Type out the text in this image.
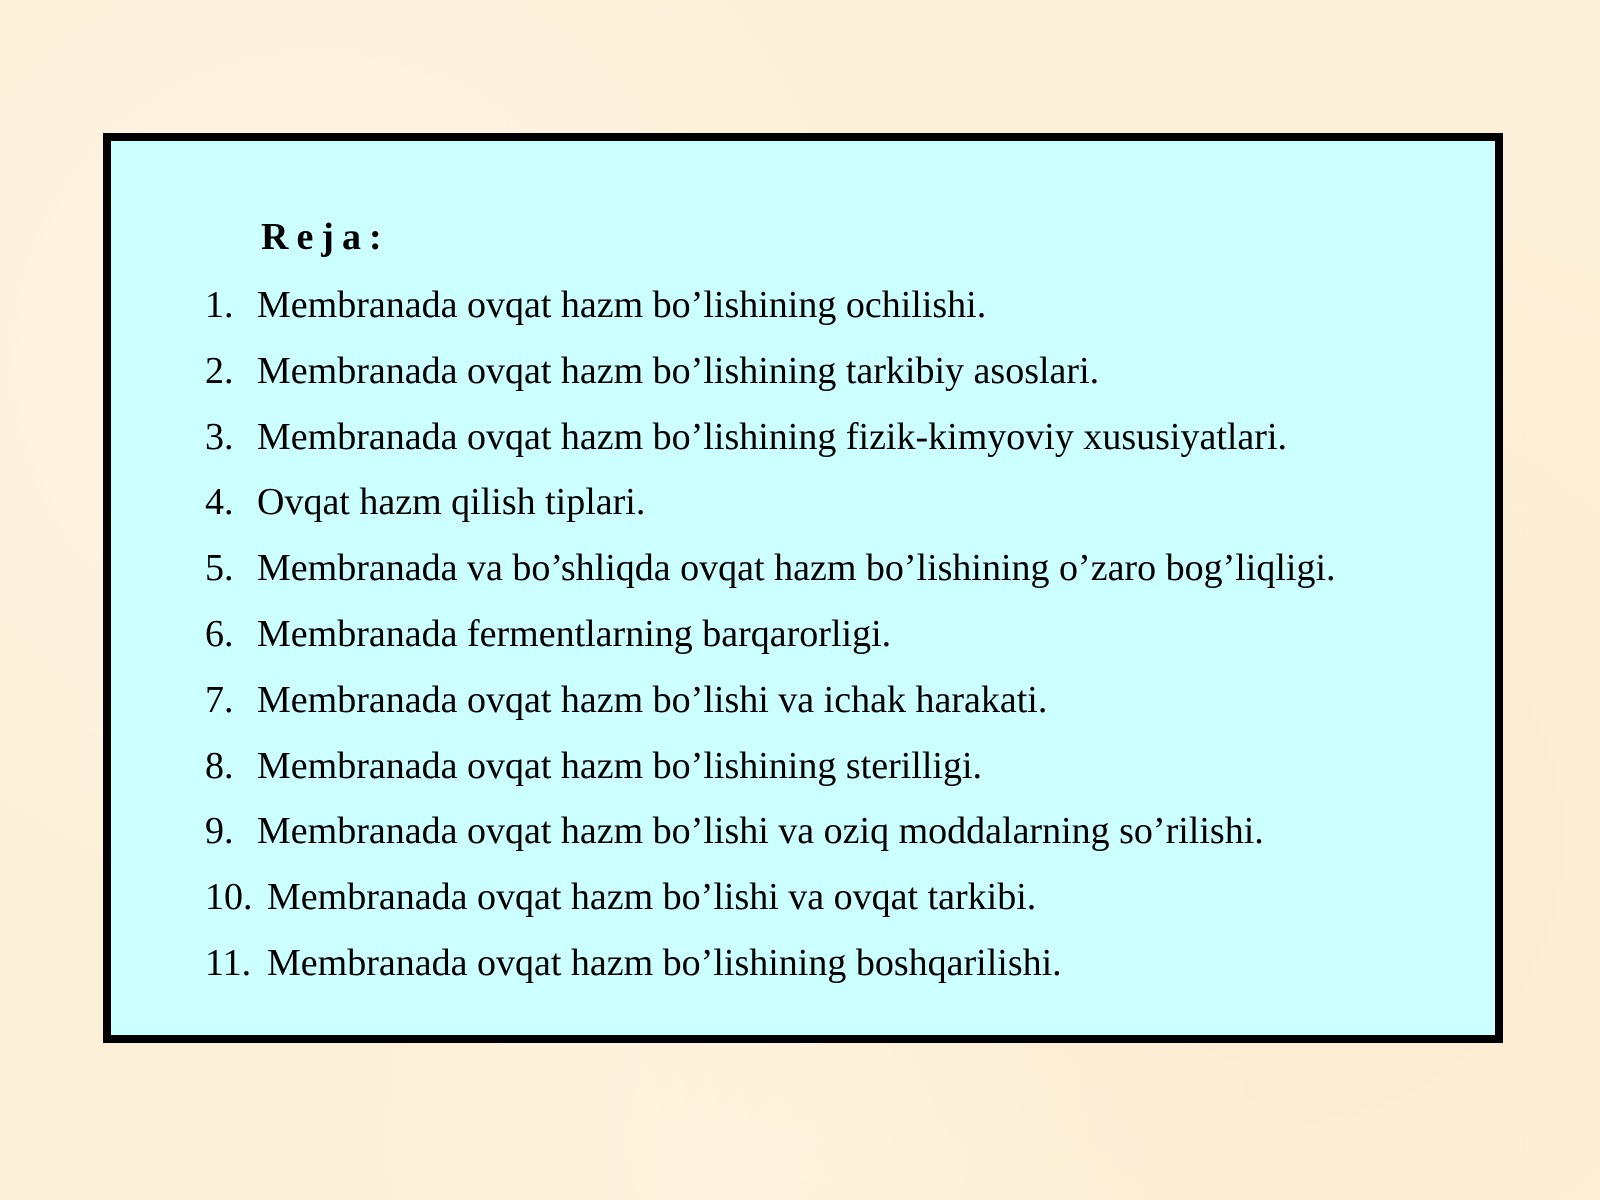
Reja:
1. Membranada ovqat hazm bo’lishining ochilishi.
2. Membranada ovqat hazm bo’lishining tarkibiy asoslari.
3. Membranada ovqat hazm bo’lishining fizik-kimyoviy xususiyatlari.
4. Ovqat hazm qilish tiplari.
5. Membranada va bo’shliqda ovqat hazm bo’lishining o’zaro bog’liqligi.
6. Membranada fermentlarning barqarorligi.
7. Membranada ovqat hazm bo’lishi va ichak harakati.
8. Membranada ovqat hazm bo’lishining sterilligi.
9. Membranada ovqat hazm bo’lishi va oziq moddalarning so’rilishi.
10. Membranada ovqat hazm bo’lishi va ovqat tarkibi.
11. Membranada ovqat hazm bo’lishining boshqarilishi.
